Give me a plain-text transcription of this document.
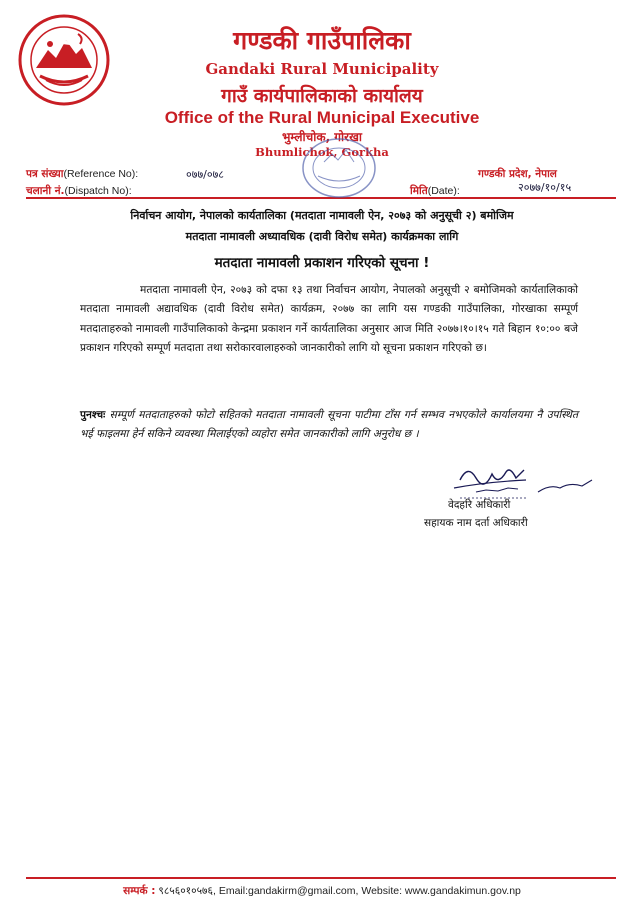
गण्डकी गाउँपालिका
Gandaki Rural Municipality
गाउँ कार्यपालिकाको कार्यालय
Office of the Rural Municipal Executive
भुम्लीचोक, गोरखा
Bhumlichok, Gorkha
पत्र संख्या(Reference No):	०७७/०७८
चलानी नं.(Dispatch No):
गण्डकी प्रदेश, नेपाल
मिति(Date):	२०७७/१०/१५
निर्वाचन आयोग, नेपालको कार्यतालिका (मतदाता नामावली ऐन, २०७३ को अनुसूची २) बमोजिम
मतदाता नामावली अध्यावधिक (दावी विरोध समेत) कार्यक्रमका लागि
मतदाता नामावली प्रकाशन गरिएको सूचना !
मतदाता नामावली ऐन, २०७३ को दफा १३ तथा निर्वाचन आयोग, नेपालको अनुसूची २ बमोजिमको कार्यतालिकाको मतदाता नामावली अद्यावधिक (दावी विरोध समेत) कार्यक्रम, २०७७ का लागि यस गण्डकी गाउँपालिका, गोरखाका सम्पूर्ण मतदाताहरुको नामावली गाउँपालिकाको केन्द्रमा प्रकाशन गर्ने कार्यतालिका अनुसार आज मिति २०७७।१०।१५ गते बिहान १०:०० बजे प्रकाशन गरिएको सम्पूर्ण मतदाता तथा सरोकारवालाहरुको जानकारीको लागि यो सूचना प्रकाशन गरिएको छ।
पुनश्चः सम्पूर्ण मतदाताहरुको फोटो सहितको मतदाता नामावली सूचना पाटीमा टाँस गर्न सम्भव नभएकोले कार्यालयमा नै उपस्थित भई फाइलमा हेर्न सकिने व्यवस्था मिलाईएको व्यहोरा समेत जानकारीको लागि अनुरोध छ ।
वेदहरि अधिकारी
सहायक नाम दर्ता अधिकारी
सम्पर्क : ९८५६०१०५७६, Email:gandakirm@gmail.com, Website: www.gandakimun.gov.np
